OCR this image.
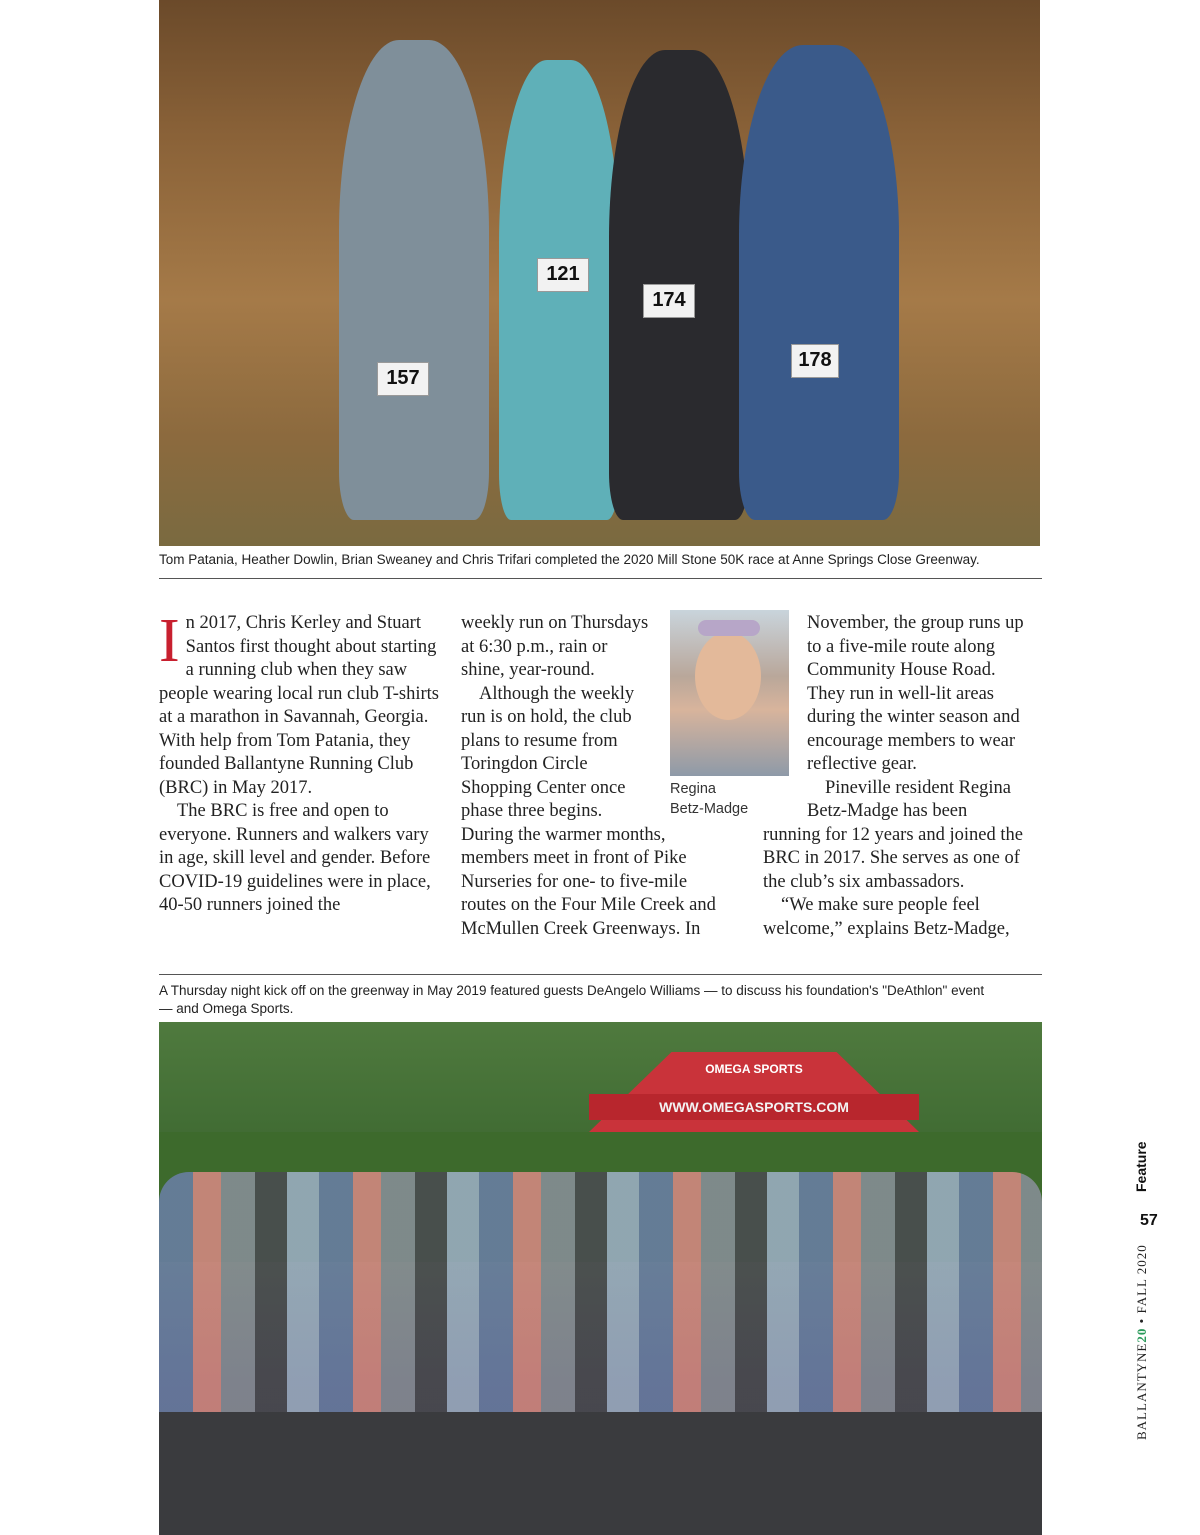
157
121
174
178
Tom Patania, Heather Dowlin, Brian Sweaney and Chris Trifari completed the 2020 Mill Stone 50K race at Anne Springs Close Greenway.

I n 2017, Chris Kerley and Stuart Santos first thought about starting a running club when they saw people wearing local run club T-shirts at a marathon in Savannah, Georgia. With help from Tom Patania, they founded Ballantyne Running Club (BRC) in May 2017.

The BRC is free and open to everyone. Runners and walkers vary in age, skill level and gender. Before COVID-19 guidelines were in place, 40-50 runners joined the

weekly run on Thursdays at 6:30 p.m., rain or shine, year-round.

Although the weekly run is on hold, the club plans to resume from Toringdon Circle Shopping Center once phase three begins.

During the warmer months, members meet in front of Pike Nurseries for one- to five-mile routes on the Four Mile Creek and McMullen Creek Greenways. In

Regina
Betz-Madge

November, the group runs up to a five-mile route along Community House Road. They run in well-lit areas during the winter season and encourage members to wear reflective gear.

Pineville resident Regina Betz-Madge has been

running for 12 years and joined the BRC in 2017. She serves as one of the club’s six ambassadors.

“We make sure people feel welcome,” explains Betz-Madge,

A Thursday night kick off on the greenway in May 2019 featured guests DeAngelo Williams — to discuss his foundation's "DeAthlon" event — and Omega Sports.
WWW.OMEGASPORTS.COM
OMEGA SPORTS
Feature
57
BALLANTYNE20 • FALL 2020
